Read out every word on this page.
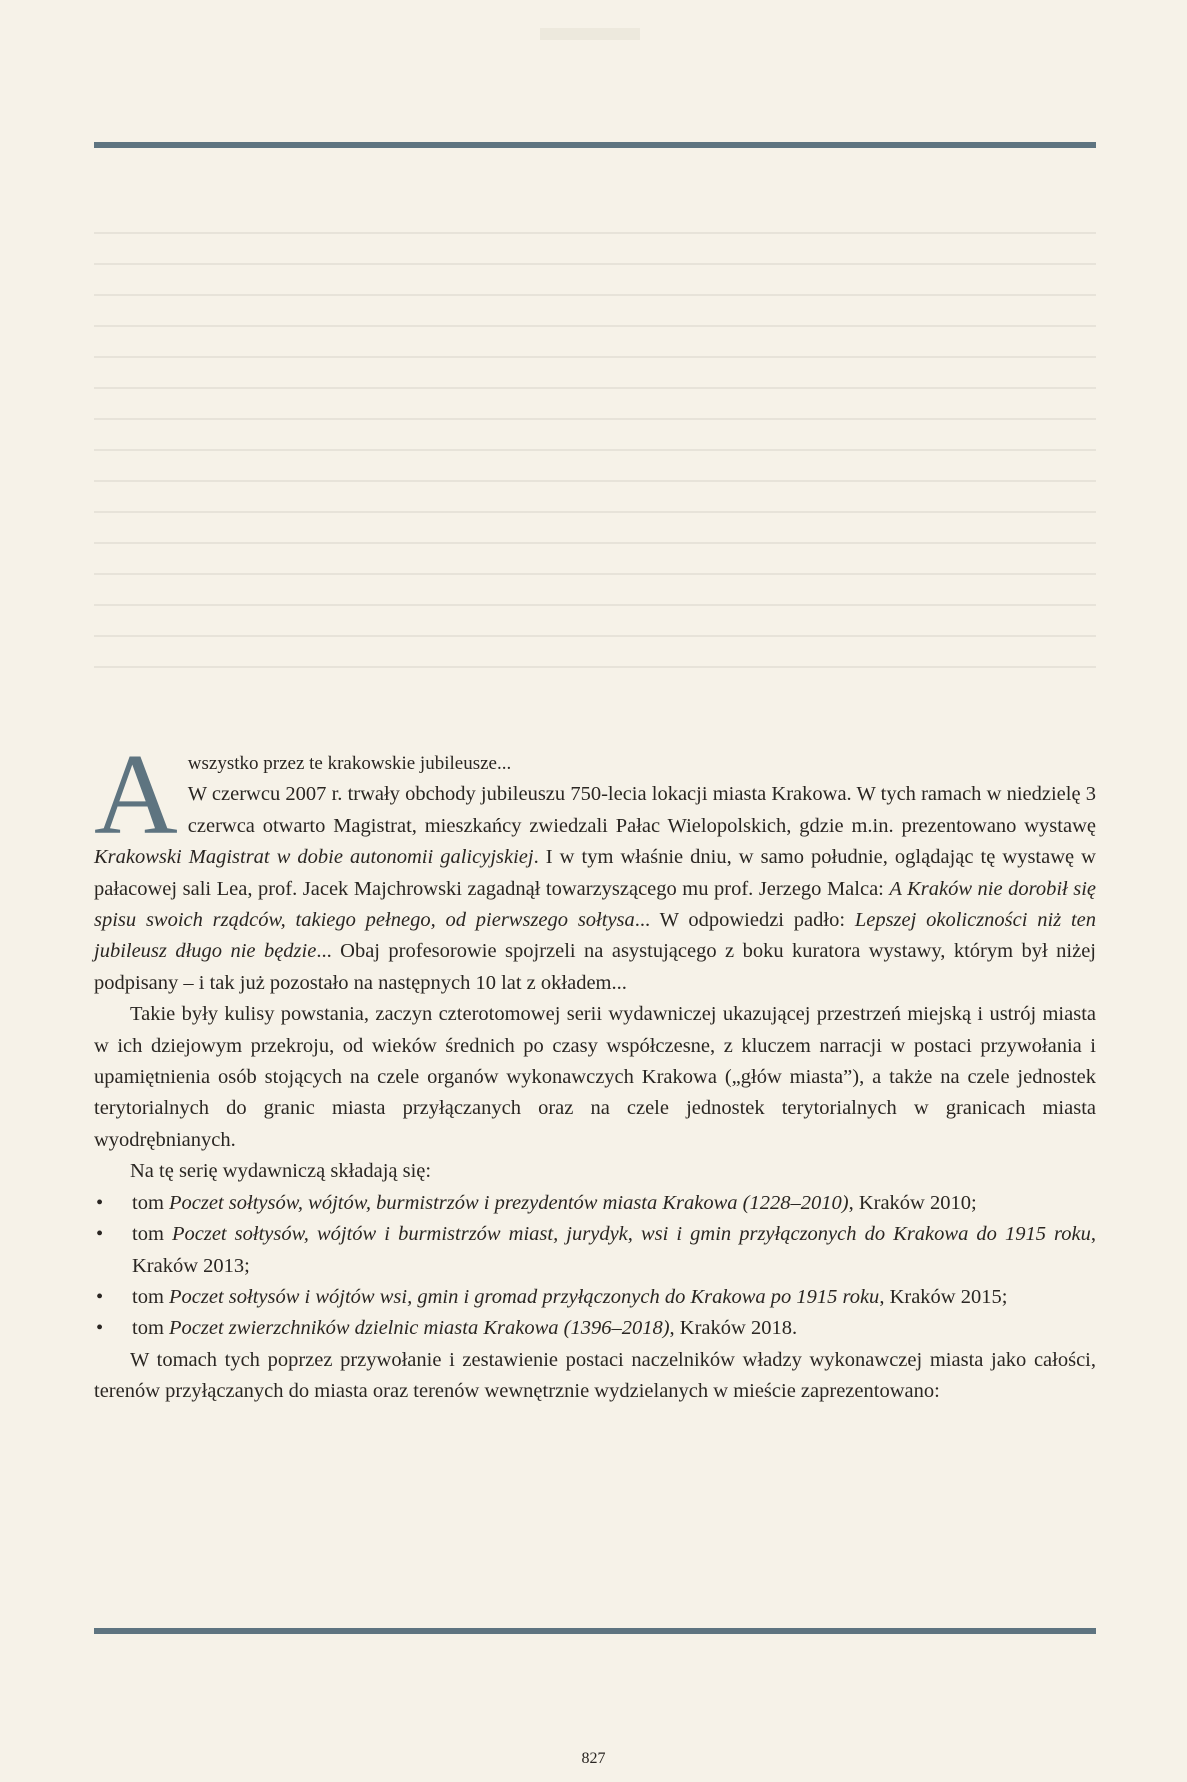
A wszystko przez te krakowskie jubileusze...
W czerwcu 2007 r. trwały obchody jubileuszu 750-lecia lokacji miasta Krakowa. W tych ramach w niedzielę 3 czerwca otwarto Magistrat, mieszkańcy zwiedzali Pałac Wielopolskich, gdzie m.in. prezentowano wystawę Krakowski Magistrat w dobie autonomii galicyjskiej. I w tym właśnie dniu, w samo południe, oglądając tę wystawę w pałacowej sali Lea, prof. Jacek Majchrowski zagadnął towarzyszącego mu prof. Jerzego Malca: A Kraków nie dorobił się spisu swoich rządców, takiego pełnego, od pierwszego sołtysa... W odpowiedzi padło: Lepszej okoliczności niż ten jubileusz długo nie będzie... Obaj profesorowie spojrzeli na asystującego z boku kuratora wystawy, którym był niżej podpisany – i tak już pozostało na następnych 10 lat z okładem...

Takie były kulisy powstania, zaczyn czterotomowej serii wydawniczej ukazującej przestrzeń miejską i ustrój miasta w ich dziejowym przekroju, od wieków średnich po czasy współczesne, z kluczem narracji w postaci przywołania i upamiętnienia osób stojących na czele organów wykonawczych Krakowa („głów miasta”), a także na czele jednostek terytorialnych do granic miasta przyłączanych oraz na czele jednostek terytorialnych w granicach miasta wyodrębnianych.

Na tę serię wydawniczą składają się:

• tom Poczet sołtysów, wójtów, burmistrzów i prezydentów miasta Krakowa (1228–2010), Kraków 2010;
• tom Poczet sołtysów, wójtów i burmistrzów miast, jurydyk, wsi i gmin przyłączonych do Krakowa do 1915 roku, Kraków 2013;
• tom Poczet sołtysów i wójtów wsi, gmin i gromad przyłączonych do Krakowa po 1915 roku, Kraków 2015;
• tom Poczet zwierzchników dzielnic miasta Krakowa (1396–2018), Kraków 2018.

W tomach tych poprzez przywołanie i zestawienie postaci naczelników władzy wykonawczej miasta jako całości, terenów przyłączanych do miasta oraz terenów wewnętrznie wydzielanych w mieście zaprezentowano:

827
